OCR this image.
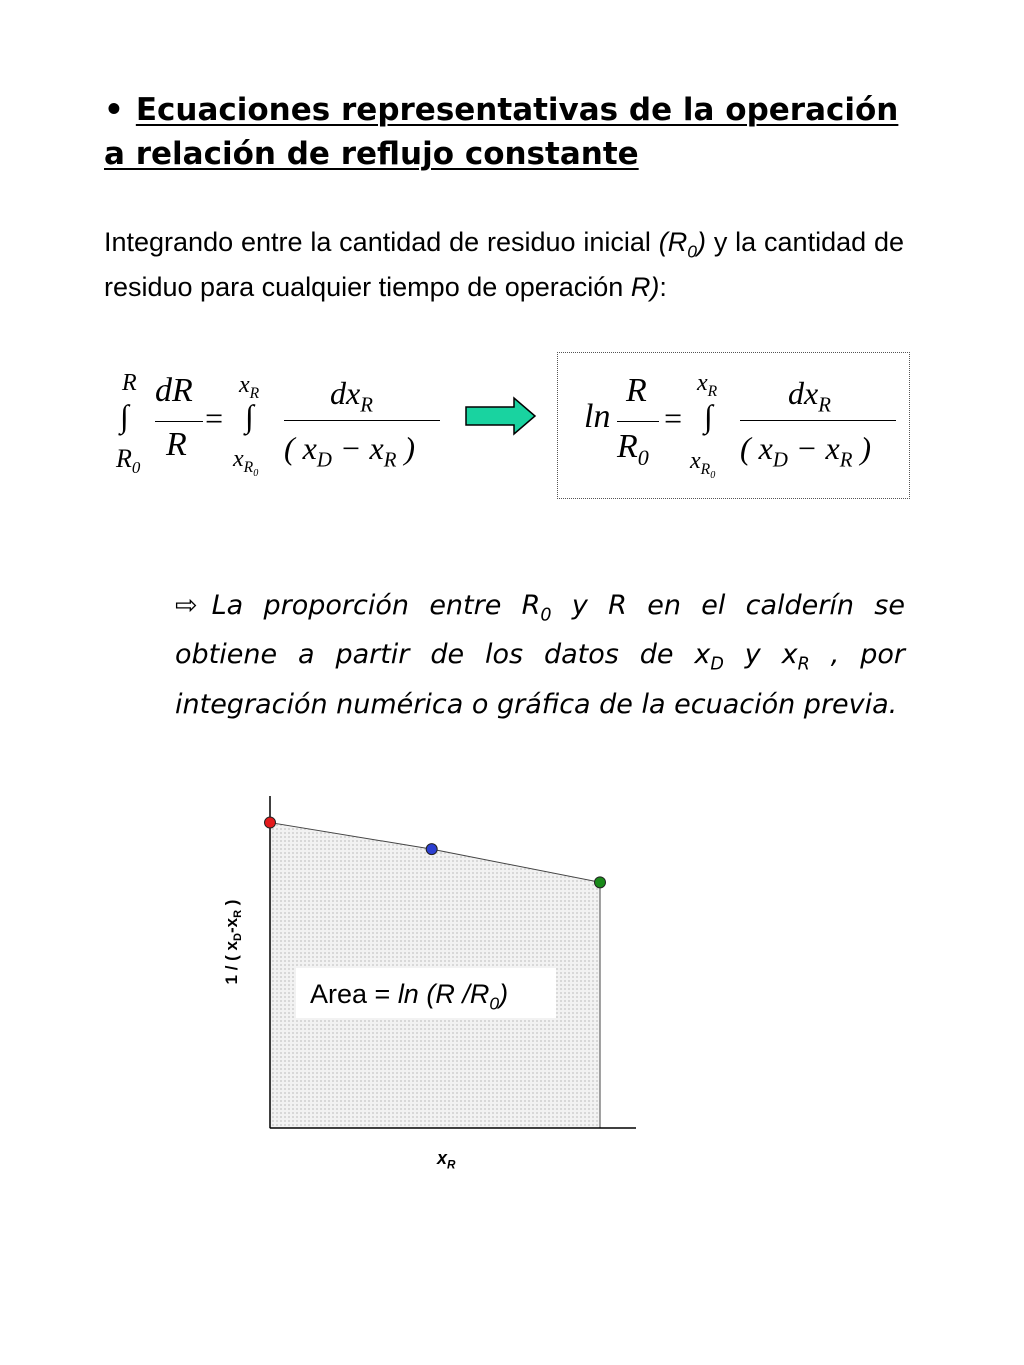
• Ecuaciones representativas de la operación
a relación de reflujo constante
Integrando entre la cantidad de residuo inicial $(R_0)$ y la cantidad de residuo para cualquier tiempo de operación R):
R
∫
$R_0$
dR
R
=
$x_R$
∫
$x_{R_0}$
$dx_R$
( $x_D - x_R$ )
ln
R
$R_0$
=
$x_R$
∫
$x_{R_0}$
$dx_R$
( $x_D - x_R$ )
⇨ La proporción entre $R_0$ y R en el calderín se obtiene a partir de los datos de $x_D$ y $x_R$ , por integración numérica o gráfica de la ecuación previa.
Area = ln (R $/R_0$)
1 / ( $x_D-x_R$ )
$x_R$
